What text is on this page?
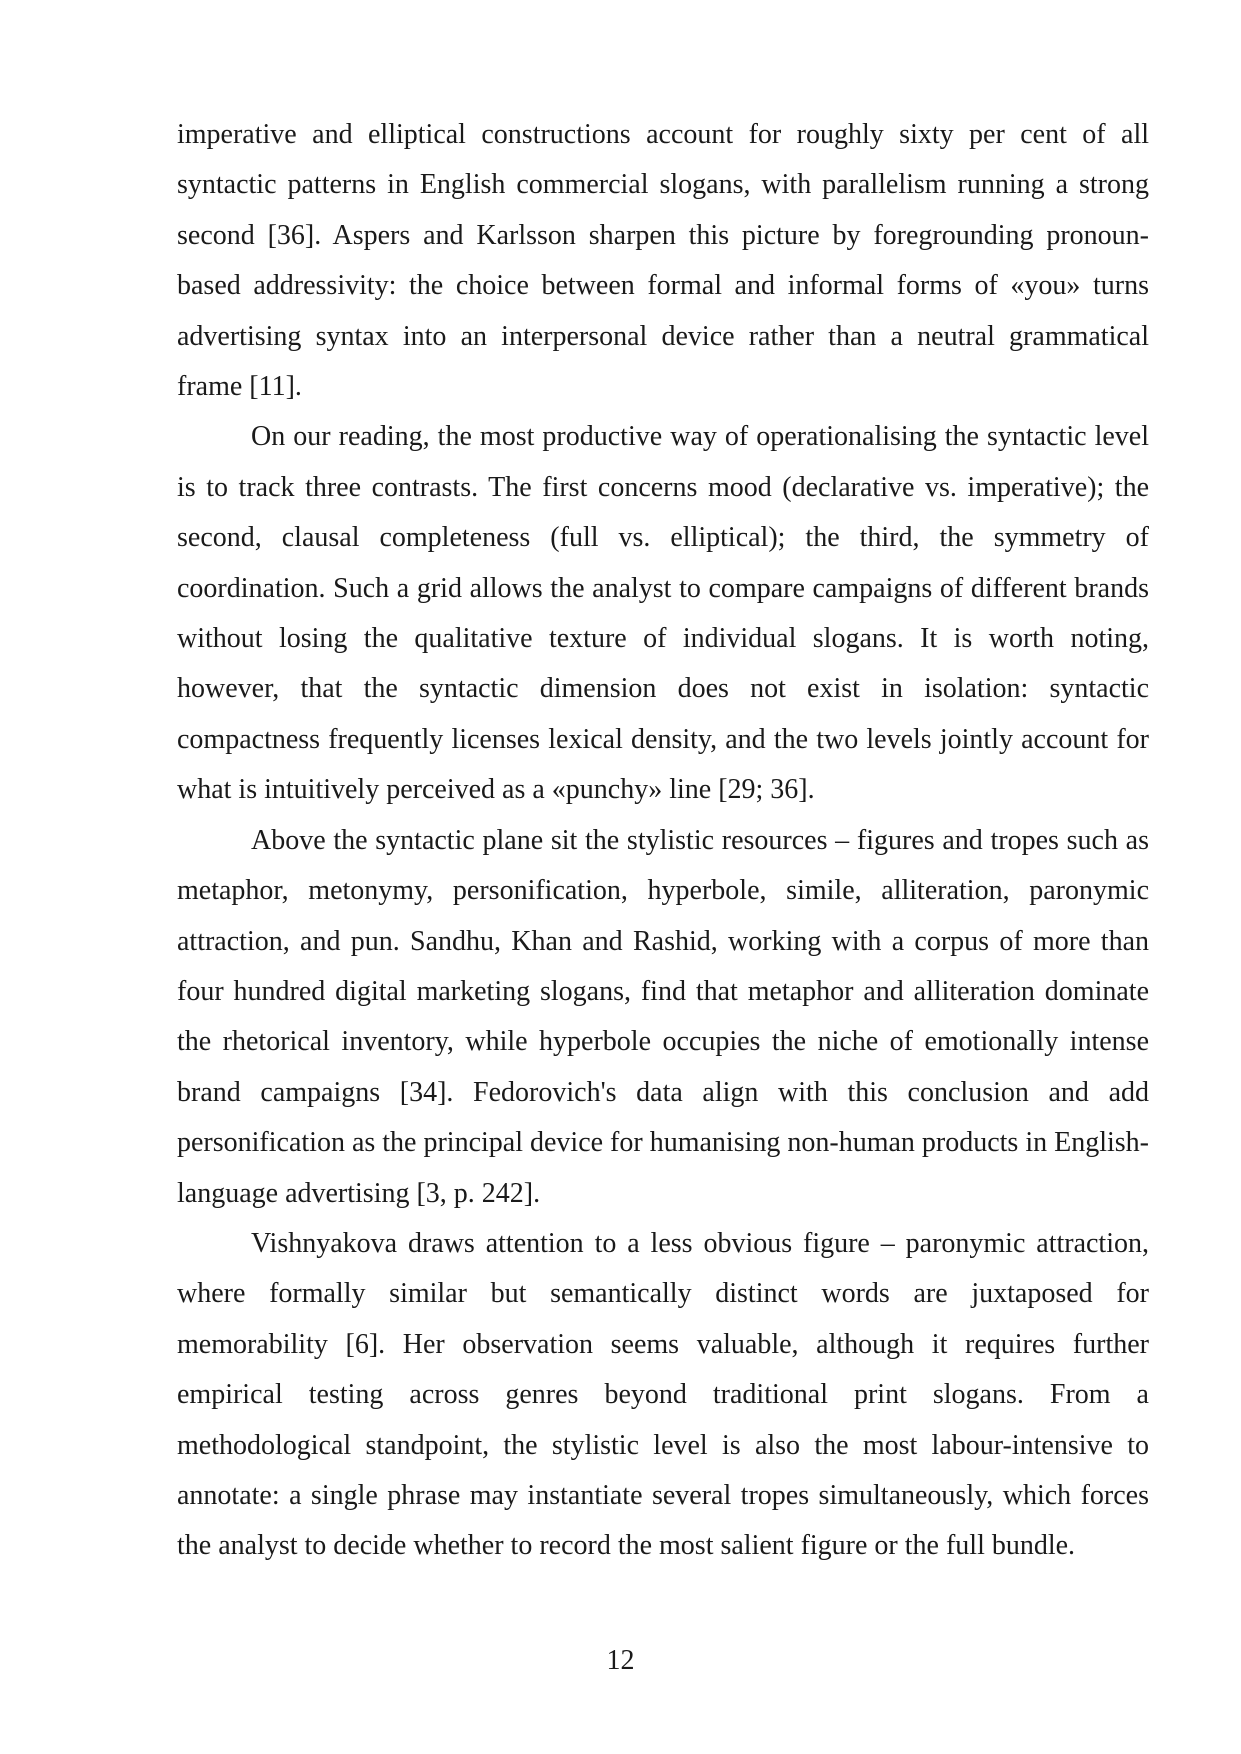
imperative and elliptical constructions account for roughly sixty per cent of all syntactic patterns in English commercial slogans, with parallelism running a strong second [36]. Aspers and Karlsson sharpen this picture by foregrounding pronoun-based addressivity: the choice between formal and informal forms of «you» turns advertising syntax into an interpersonal device rather than a neutral grammatical frame [11].

On our reading, the most productive way of operationalising the syntactic level is to track three contrasts. The first concerns mood (declarative vs. imperative); the second, clausal completeness (full vs. elliptical); the third, the symmetry of coordination. Such a grid allows the analyst to compare campaigns of different brands without losing the qualitative texture of individual slogans. It is worth noting, however, that the syntactic dimension does not exist in isolation: syntactic compactness frequently licenses lexical density, and the two levels jointly account for what is intuitively perceived as a «punchy» line [29; 36].

Above the syntactic plane sit the stylistic resources – figures and tropes such as metaphor, metonymy, personification, hyperbole, simile, alliteration, paronymic attraction, and pun. Sandhu, Khan and Rashid, working with a corpus of more than four hundred digital marketing slogans, find that metaphor and alliteration dominate the rhetorical inventory, while hyperbole occupies the niche of emotionally intense brand campaigns [34]. Fedorovich's data align with this conclusion and add personification as the principal device for humanising non-human products in English-language advertising [3, p. 242].

Vishnyakova draws attention to a less obvious figure – paronymic attraction, where formally similar but semantically distinct words are juxtaposed for memorability [6]. Her observation seems valuable, although it requires further empirical testing across genres beyond traditional print slogans. From a methodological standpoint, the stylistic level is also the most labour-intensive to annotate: a single phrase may instantiate several tropes simultaneously, which forces the analyst to decide whether to record the most salient figure or the full bundle.

12
